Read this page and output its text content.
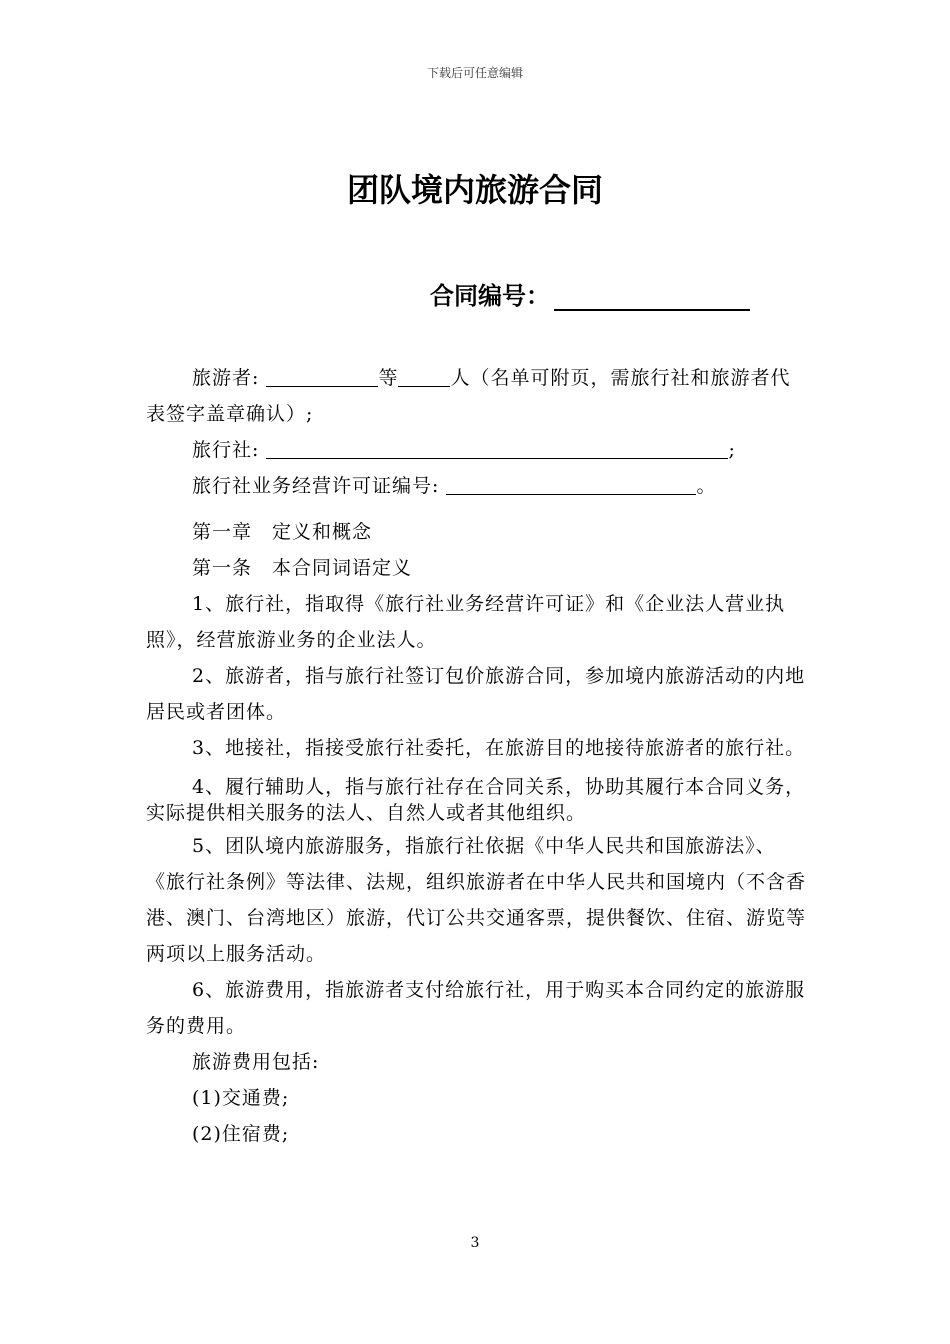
下载后可任意编辑
团队境内旅游合同
合同编号：

旅游者:	等	人（名单可附页，需旅行社和旅游者代表签字盖章确认）;

旅行社:	;

旅行社业务经营许可证编号:	。

第一章　定义和概念

第一条　本合同词语定义

1、旅行社，指取得《旅行社业务经营许可证》和《企业法人营业执照》，经营旅游业务的企业法人。

2、旅游者，指与旅行社签订包价旅游合同，参加境内旅游活动的内地居民或者团体。

3、地接社，指接受旅行社委托，在旅游目的地接待旅游者的旅行社。

4、履行辅助人，指与旅行社存在合同关系，协助其履行本合同义务，实际提供相关服务的法人、自然人或者其他组织。

5、团队境内旅游服务，指旅行社依据《中华人民共和国旅游法》、《旅行社条例》等法律、法规，组织旅游者在中华人民共和国境内（不含香港、澳门、台湾地区）旅游，代订公共交通客票，提供餐饮、住宿、游览等两项以上服务活动。

6、旅游费用，指旅游者支付给旅行社，用于购买本合同约定的旅游服务的费用。

旅游费用包括:

(1)交通费;

(2)住宿费;

3
